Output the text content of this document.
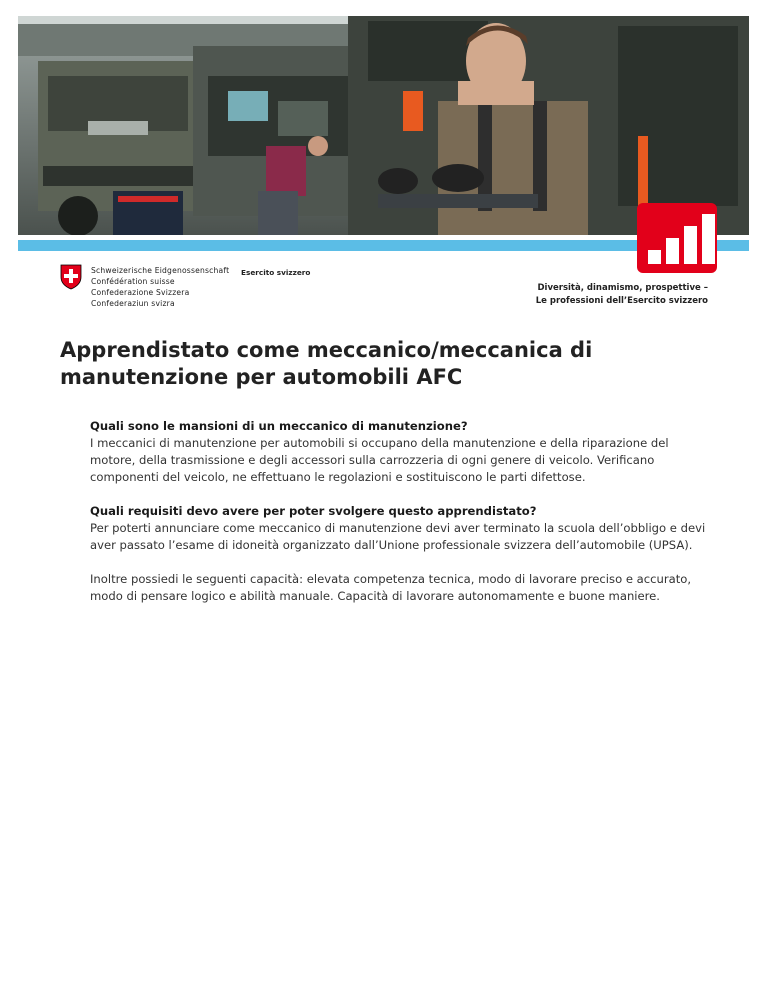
Schweizerische Eidgenossenschaft
Confédération suisse
Confederazione Svizzera
Confederaziun svizra
Esercito svizzero
Diversità, dinamismo, prospettive –
Le professioni dell’Esercito svizzero
Apprendistato come meccanico/meccanica di manutenzione per automobili AFC

Quali sono le mansioni di un meccanico di manutenzione?
I meccanici di manutenzione per automobili si occupano della manutenzione e della riparazione del motore, della trasmissione e degli accessori sulla carrozzeria di ogni genere di veicolo. Verificano componenti del veicolo, ne effettuano le regolazioni e sostituiscono le parti difettose.

Quali requisiti devo avere per poter svolgere questo apprendistato?
Per poterti annunciare come meccanico di manutenzione devi aver terminato la scuola dell’obbligo e devi aver passato l’esame di idoneità organizzato dall’Unione professionale svizzera dell’automobile (UPSA).

Inoltre possiedi le seguenti capacità: elevata competenza tecnica, modo di lavorare preciso e accurato, modo di pensare logico e abilità manuale. Capacità di lavorare autonomamente e buone maniere.
